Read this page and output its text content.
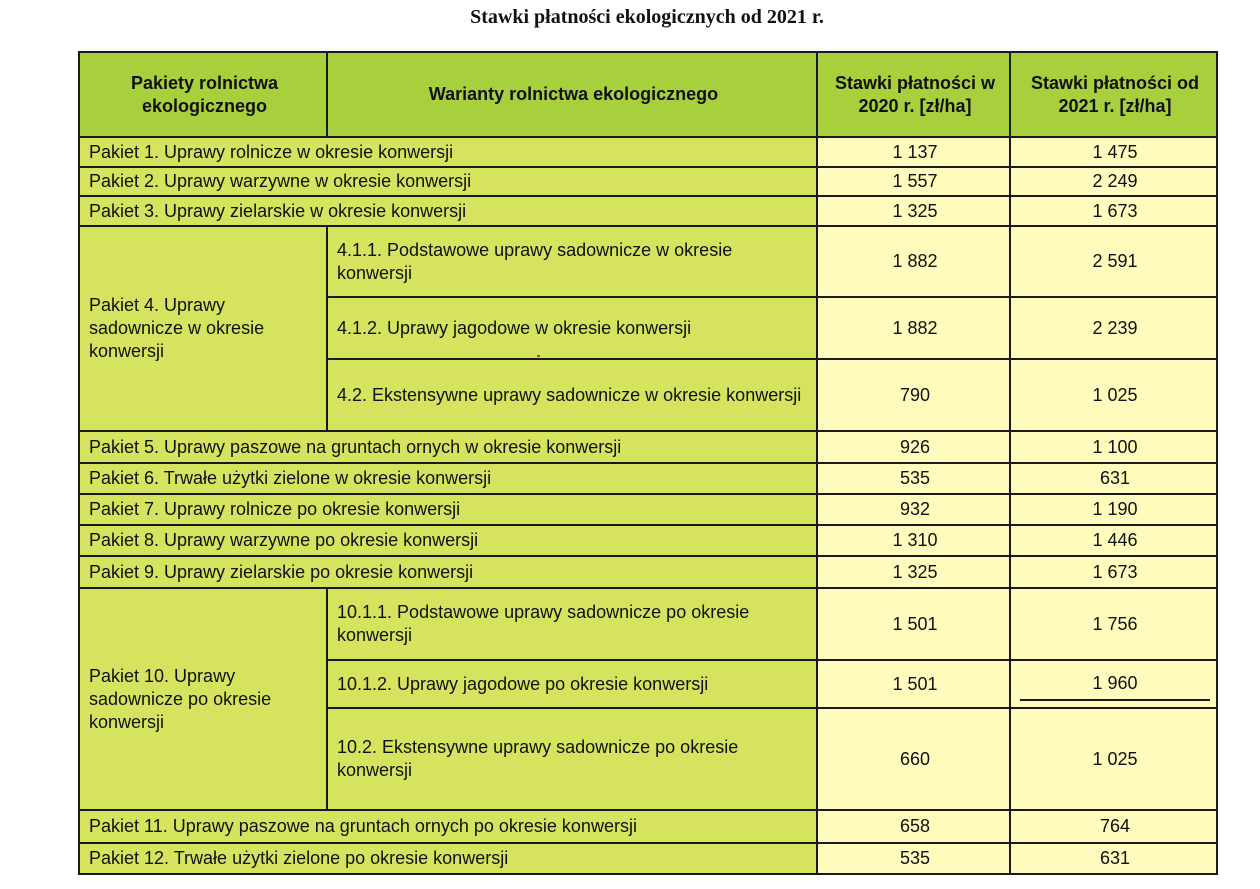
Stawki płatności ekologicznych od 2021 r.
Pakiety rolnictwa ekologicznego	Warianty rolnictwa ekologicznego	Stawki płatności w 2020 r. [zł/ha]	Stawki płatności od 2021 r. [zł/ha]
Pakiet 1. Uprawy rolnicze w okresie konwersji		1 137	1 475
Pakiet 2. Uprawy warzywne w okresie konwersji		1 557	2 249
Pakiet 3. Uprawy zielarskie w okresie konwersji		1 325	1 673
Pakiet 4. Uprawy sadownicze w okresie konwersji	4.1.1. Podstawowe uprawy sadownicze w okresie konwersji	1 882	2 591
	4.1.2. Uprawy jagodowe w okresie konwersji	1 882	2 239
	4.2. Ekstensywne uprawy sadownicze w okresie konwersji	790	1 025
Pakiet 5. Uprawy paszowe na gruntach ornych w okresie konwersji		926	1 100
Pakiet 6. Trwałe użytki zielone w okresie konwersji		535	631
Pakiet 7. Uprawy rolnicze po okresie konwersji		932	1 190
Pakiet 8. Uprawy warzywne po okresie konwersji		1 310	1 446
Pakiet 9. Uprawy zielarskie po okresie konwersji		1 325	1 673
Pakiet 10. Uprawy sadownicze po okresie konwersji	10.1.1. Podstawowe uprawy sadownicze po okresie konwersji	1 501	1 756
	10.1.2. Uprawy jagodowe po okresie konwersji	1 501	1 960

	10.2. Ekstensywne uprawy sadownicze po okresie konwersji	660	1 025
Pakiet 11. Uprawy paszowe na gruntach ornych po okresie konwersji		658	764
Pakiet 12. Trwałe użytki zielone po okresie konwersji		535	631
